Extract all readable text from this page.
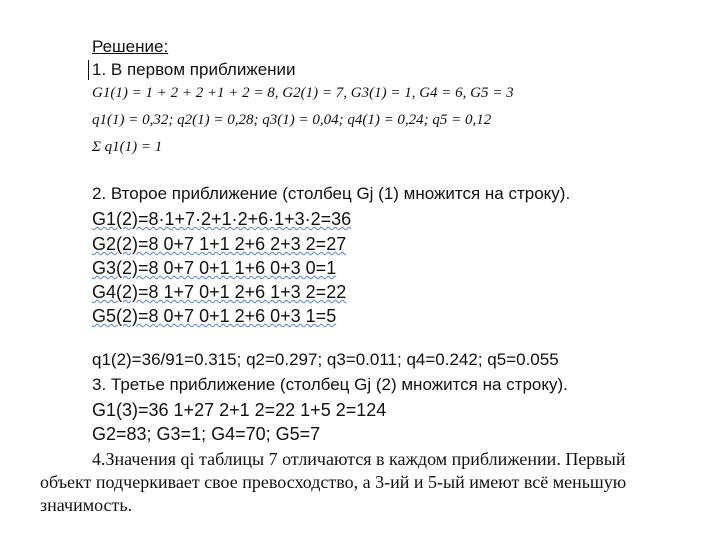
Решение:
1. В первом приближении
G1(1) = 1 + 2 + 2 +1 + 2 = 8, G2(1) = 7, G3(1) = 1, G4 = 6, G5 = 3
q1(1) = 0,32; q2(1) = 0,28; q3(1) = 0,04; q4(1) = 0,24; q5 = 0,12
Σ q1(1) = 1
2. Второе приближение (столбец Gj (1) множится на строку).
G1(2)=8·1+7·2+1·2+6·1+3·2=36
G2(2)=8 0+7 1+1 2+6 2+3 2=27
G3(2)=8 0+7 0+1 1+6 0+3 0=1
G4(2)=8 1+7 0+1 2+6 1+3 2=22
G5(2)=8 0+7 0+1 2+6 0+3 1=5
q1(2)=36/91=0.315; q2=0.297; q3=0.011; q4=0.242; q5=0.055
3. Третье приближение (столбец Gj (2) множится на строку).
G1(3)=36 1+27 2+1 2=22 1+5 2=124
G2=83; G3=1; G4=70; G5=7
4.Значения qi таблицы 7 отличаются в каждом приближении. Первый
объект подчеркивает свое превосходство, а 3-ий и 5-ый имеют всё меньшую
значимость.
